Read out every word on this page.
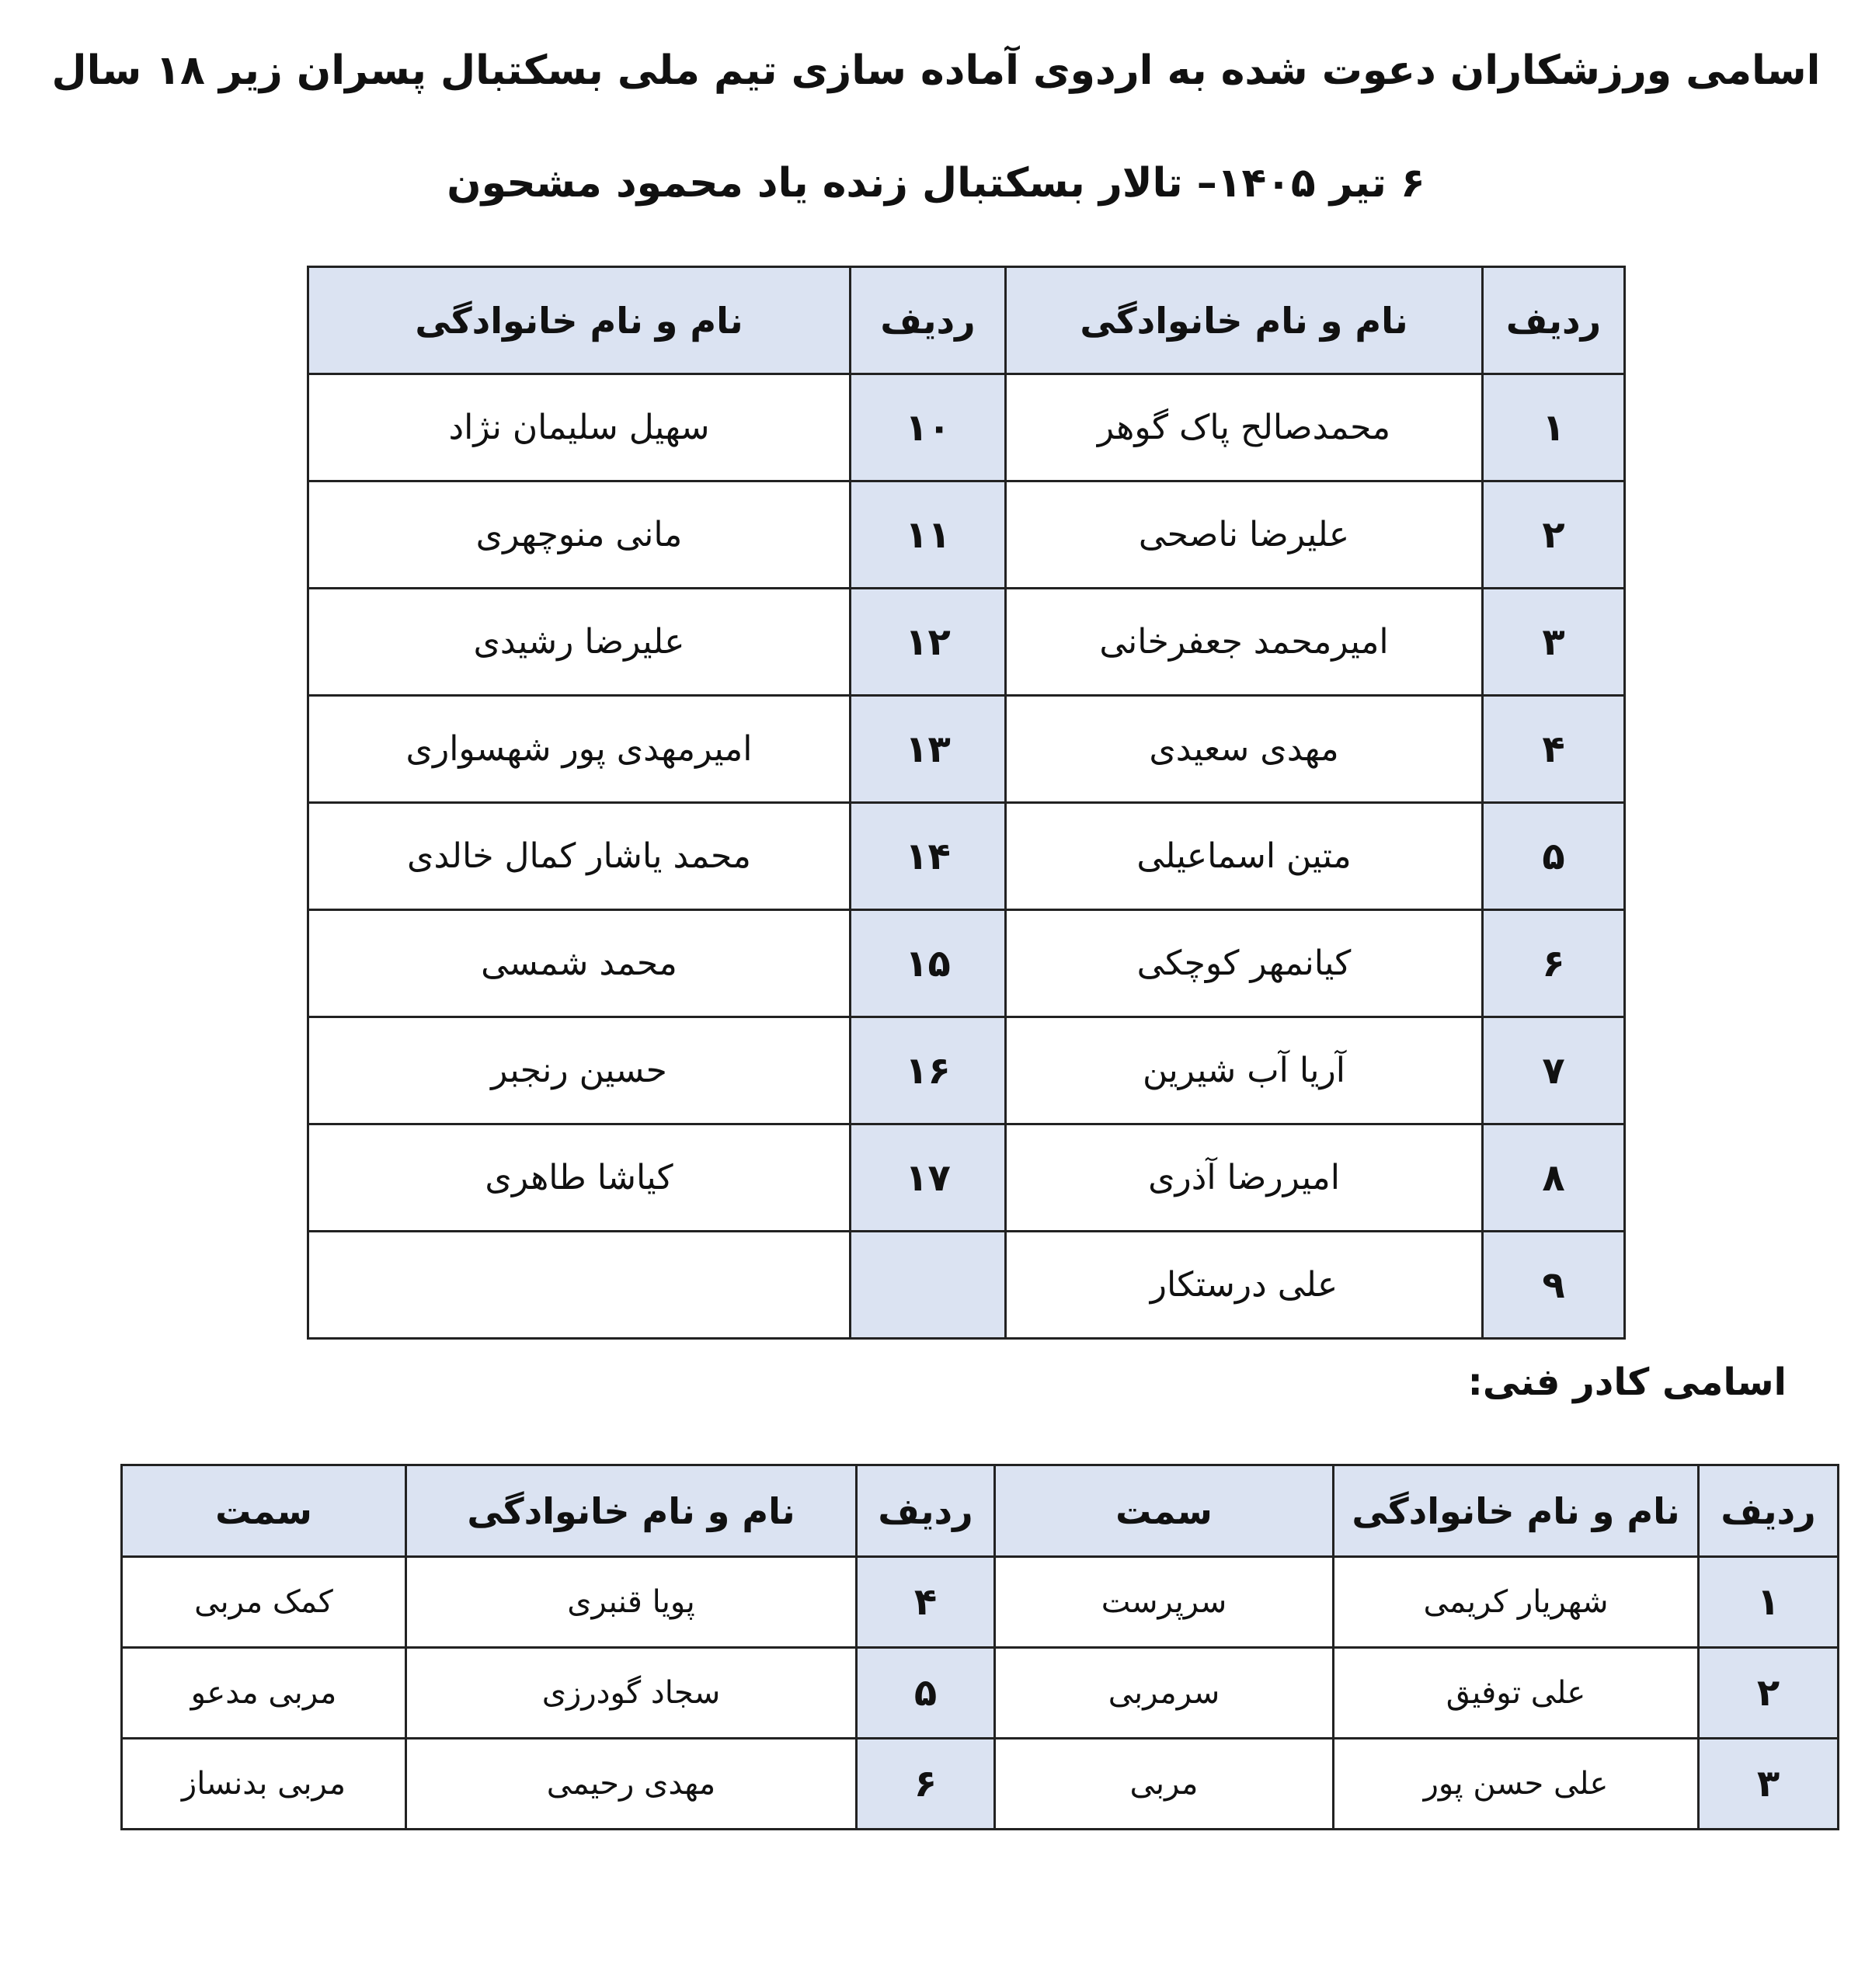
اسامی ورزشکاران دعوت شده به اردوی آماده سازی تیم ملی بسکتبال پسران زیر ۱۸ سال
۶ تیر ۱۴۰۵– تالار بسکتبال زنده یاد محمود مشحون
ردیف	نام و نام خانوادگی	ردیف	نام و نام خانوادگی
۱	محمدصالح پاک گوهر	۱۰	سهیل سلیمان نژاد
۲	علیرضا ناصحی	۱۱	مانی منوچهری
۳	امیرمحمد جعفرخانی	۱۲	علیرضا رشیدی
۴	مهدی سعیدی	۱۳	امیرمهدی پور شهسواری
۵	متین اسماعیلی	۱۴	محمد یاشار کمال خالدی
۶	کیانمهر کوچکی	۱۵	محمد شمسی
۷	آریا آب شیرین	۱۶	حسین رنجبر
۸	امیررضا آذری	۱۷	کیاشا طاهری
۹	علی درستکار		
اسامی کادر فنی:
ردیف	نام و نام خانوادگی	سمت	ردیف	نام و نام خانوادگی	سمت
۱	شهریار کریمی	سرپرست	۴	پویا قنبری	کمک مربی
۲	علی توفیق	سرمربی	۵	سجاد گودرزی	مربی مدعو
۳	علی حسن پور	مربی	۶	مهدی رحیمی	مربی بدنساز
